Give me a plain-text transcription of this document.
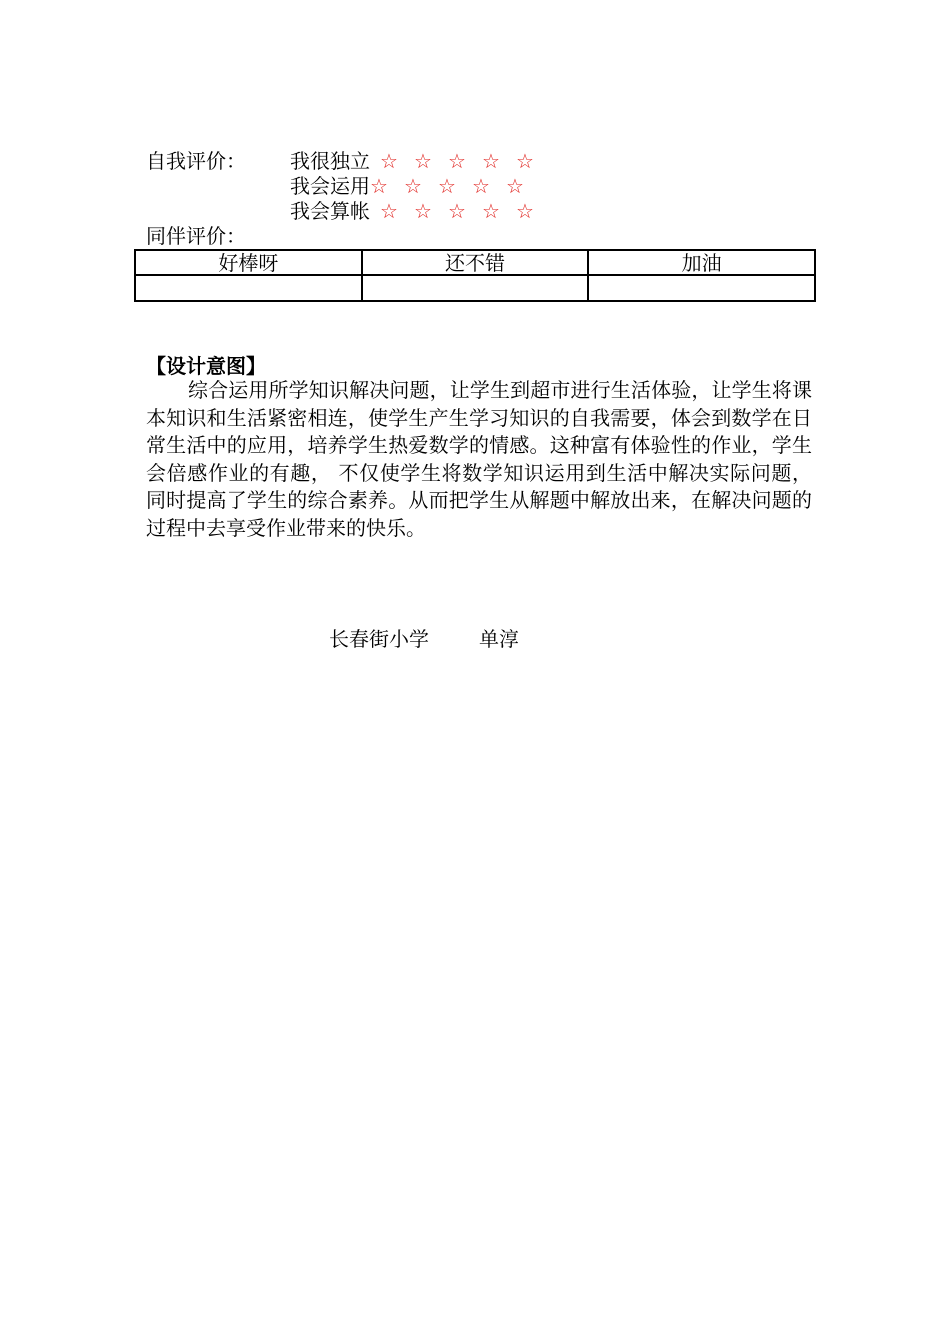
自我评价： 我很独立 ☆ ☆ ☆ ☆ ☆
我会运用☆ ☆ ☆ ☆ ☆
我会算帐 ☆ ☆ ☆ ☆ ☆
同伴评价：
好棒呀	还不错	加油

【设计意图】
综合运用所学知识解决问题，让学生到超市进行生活体验，让学生将课本知识和生活紧密相连，使学生产生学习知识的自我需要，体会到数学在日常生活中的应用，培养学生热爱数学的情感。这种富有体验性的作业，学生会倍感作业的有趣， 不仅使学生将数学知识运用到生活中解决实际问题，同时提高了学生的综合素养。从而把学生从解题中解放出来，在解决问题的过程中去享受作业带来的快乐。
长春街小学	单淳
